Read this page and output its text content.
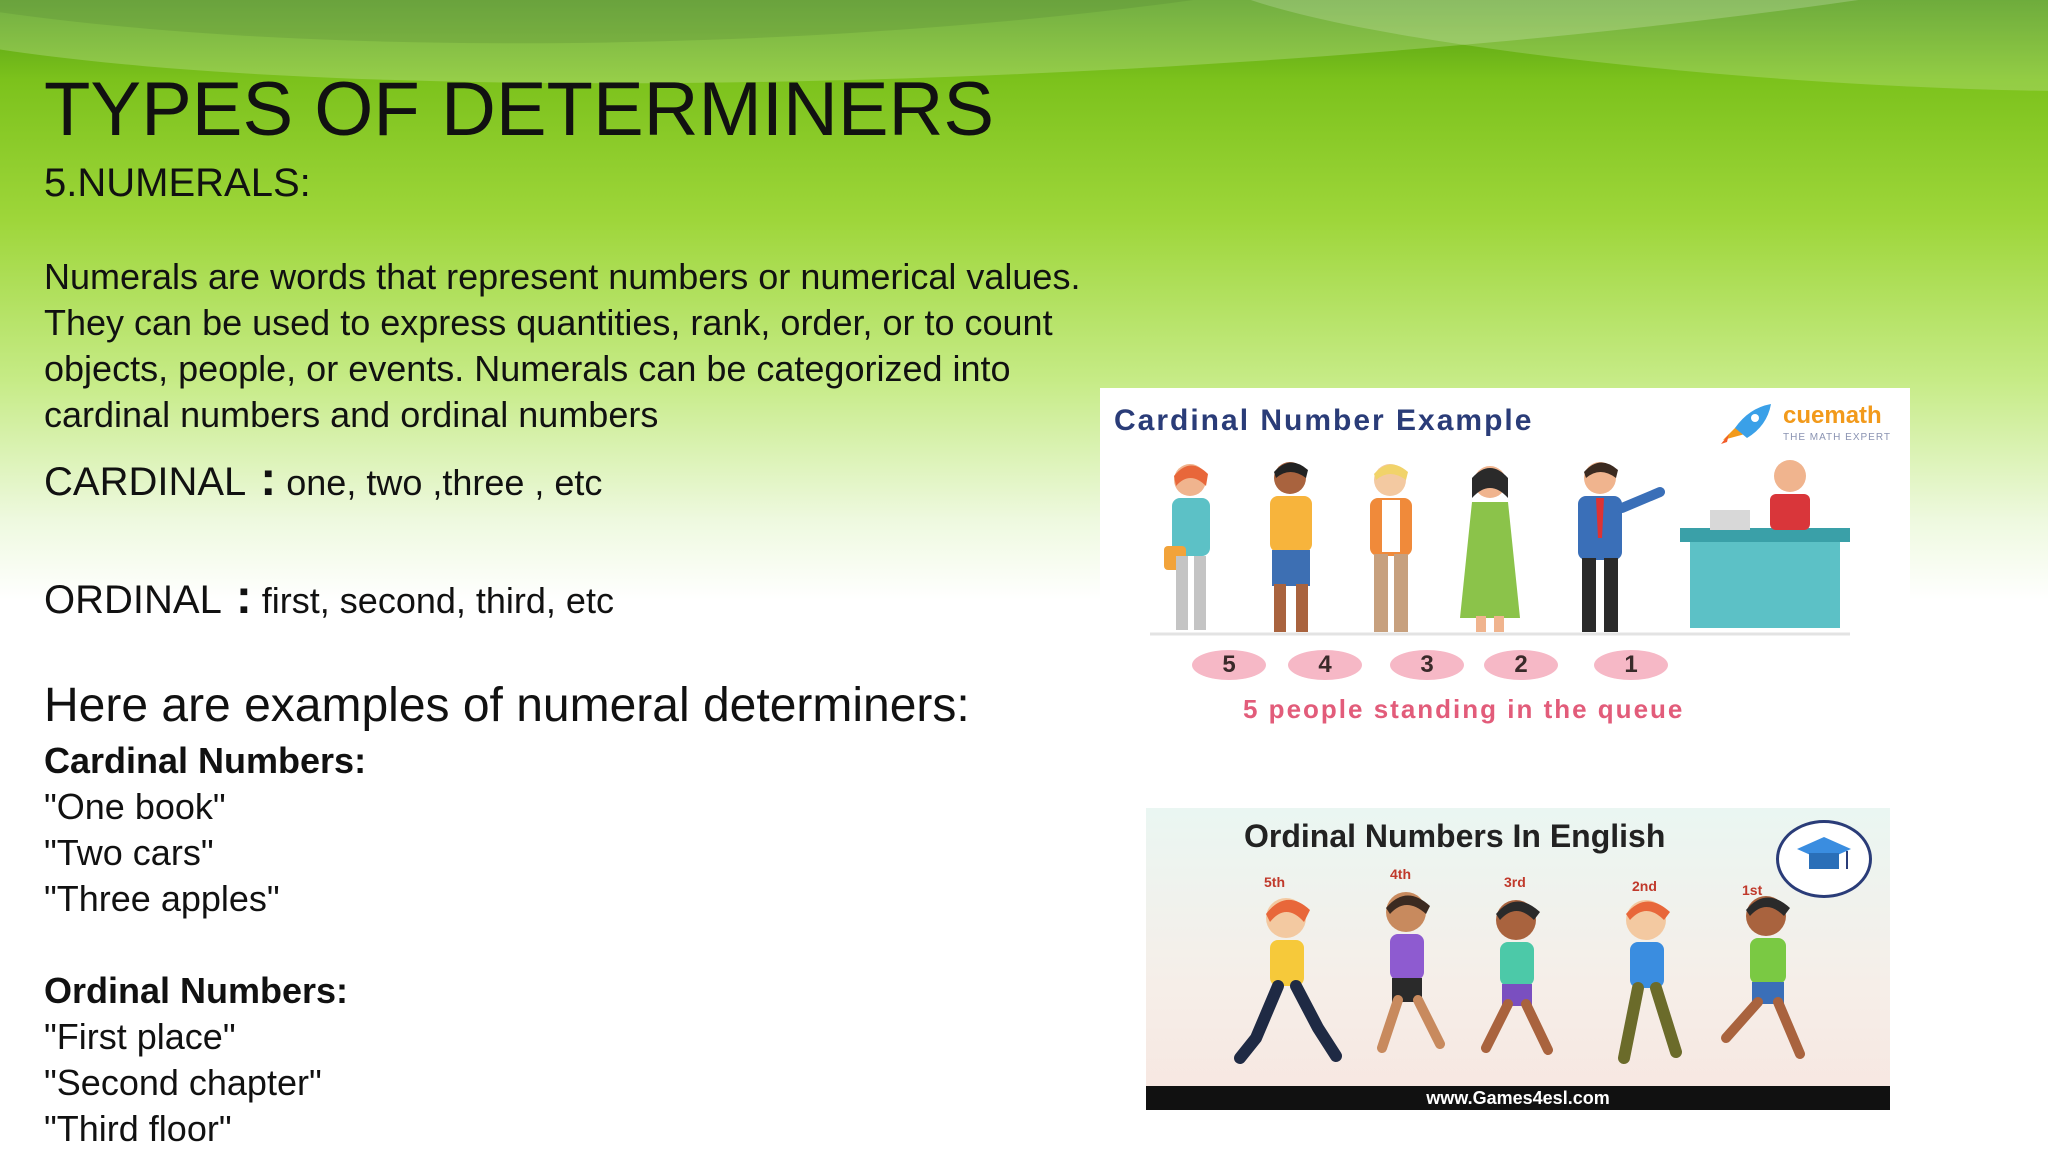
TYPES OF DETERMINERS
5.NUMERALS:
Numerals are words that represent numbers or numerical values. They can be used to express quantities, rank, order, or to count objects, people, or events. Numerals can be categorized into cardinal numbers and ordinal numbers
CARDINAL : one, two ,three , etc
ORDINAL : first, second, third, etc
Here are examples of numeral determiners:
Cardinal Numbers:
"One book"
"Two cars"
"Three apples"
Ordinal Numbers:
"First place"
"Second chapter"
"Third floor"
Cardinal Number Example	cuemath
THE MATH EXPERT
5	4	3	2	1
5 people standing in the queue
Ordinal Numbers In English
5th	4th	3rd	2nd	1st
www.Games4esl.com
